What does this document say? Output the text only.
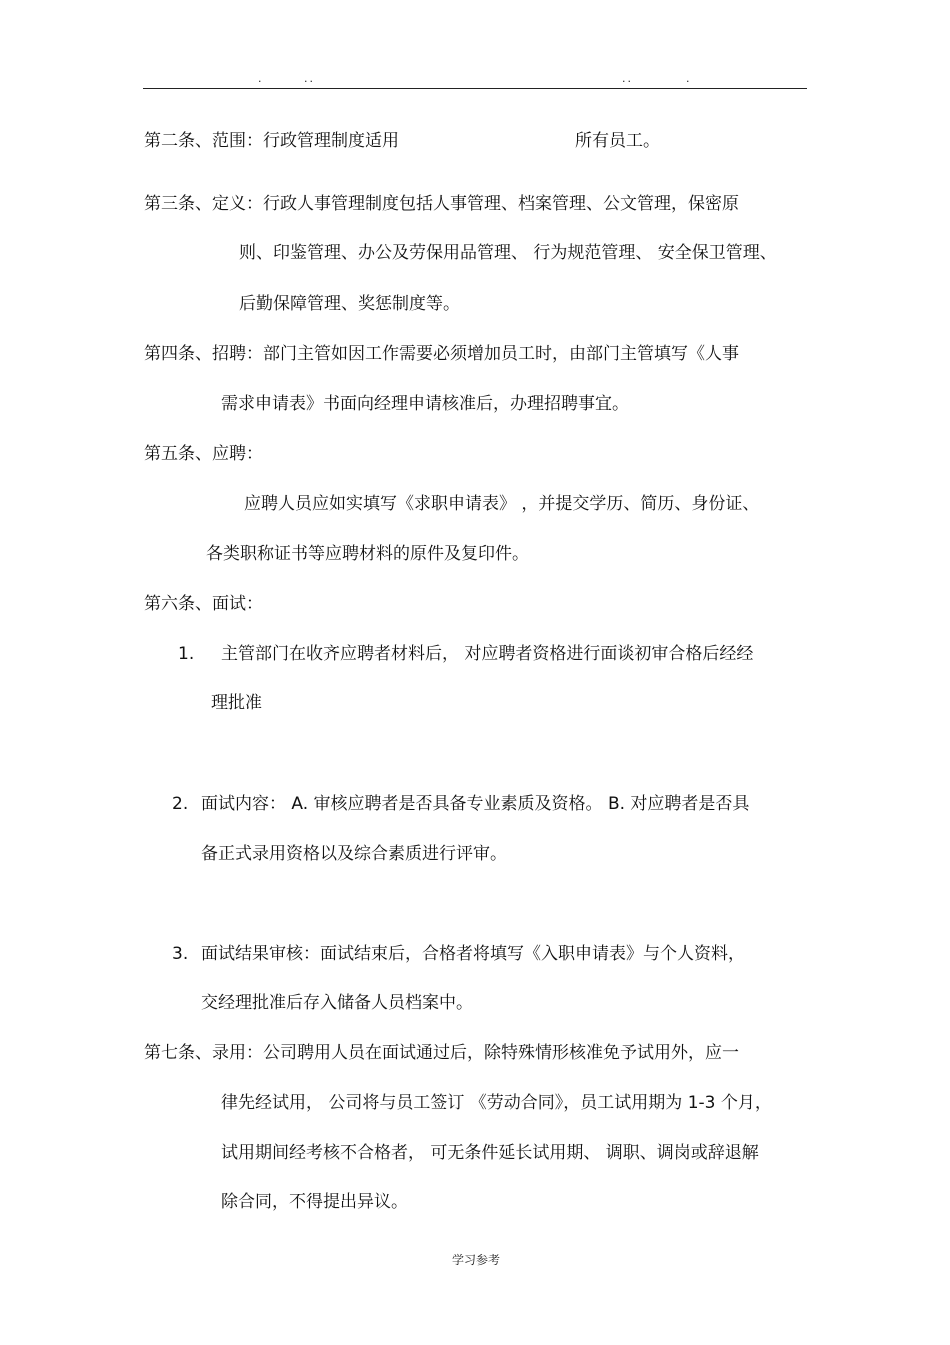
.	..	..	.
第二条、范围：行政管理制度适用	所有员工。
第三条、定义：行政人事管理制度包括人事管理、档案管理、公文管理，保密原
则、印鉴管理、办公及劳保用品管理、 行为规范管理、 安全保卫管理、
后勤保障管理、奖惩制度等。
第四条、招聘：部门主管如因工作需要必须增加员工时，由部门主管填写《人事
需求申请表》书面向经理申请核准后，办理招聘事宜。
第五条、应聘：
应聘人员应如实填写《求职申请表》 ，并提交学历、简历、身份证、
各类职称证书等应聘材料的原件及复印件。
第六条、面试：
1. 主管部门在收齐应聘者材料后， 对应聘者资格进行面谈初审合格后经经
理批准
2. 面试内容： A. 审核应聘者是否具备专业素质及资格。 B. 对应聘者是否具
备正式录用资格以及综合素质进行评审。
3. 面试结果审核：面试结束后，合格者将填写《入职申请表》与个人资料，
交经理批准后存入储备人员档案中。
第七条、录用：公司聘用人员在面试通过后，除特殊情形核准免予试用外，应一
律先经试用， 公司将与员工签订 《劳动合同》，员工试用期为 1-3 个月，
试用期间经考核不合格者， 可无条件延长试用期、 调职、调岗或辞退解
除合同，不得提出异议。
学习参考
